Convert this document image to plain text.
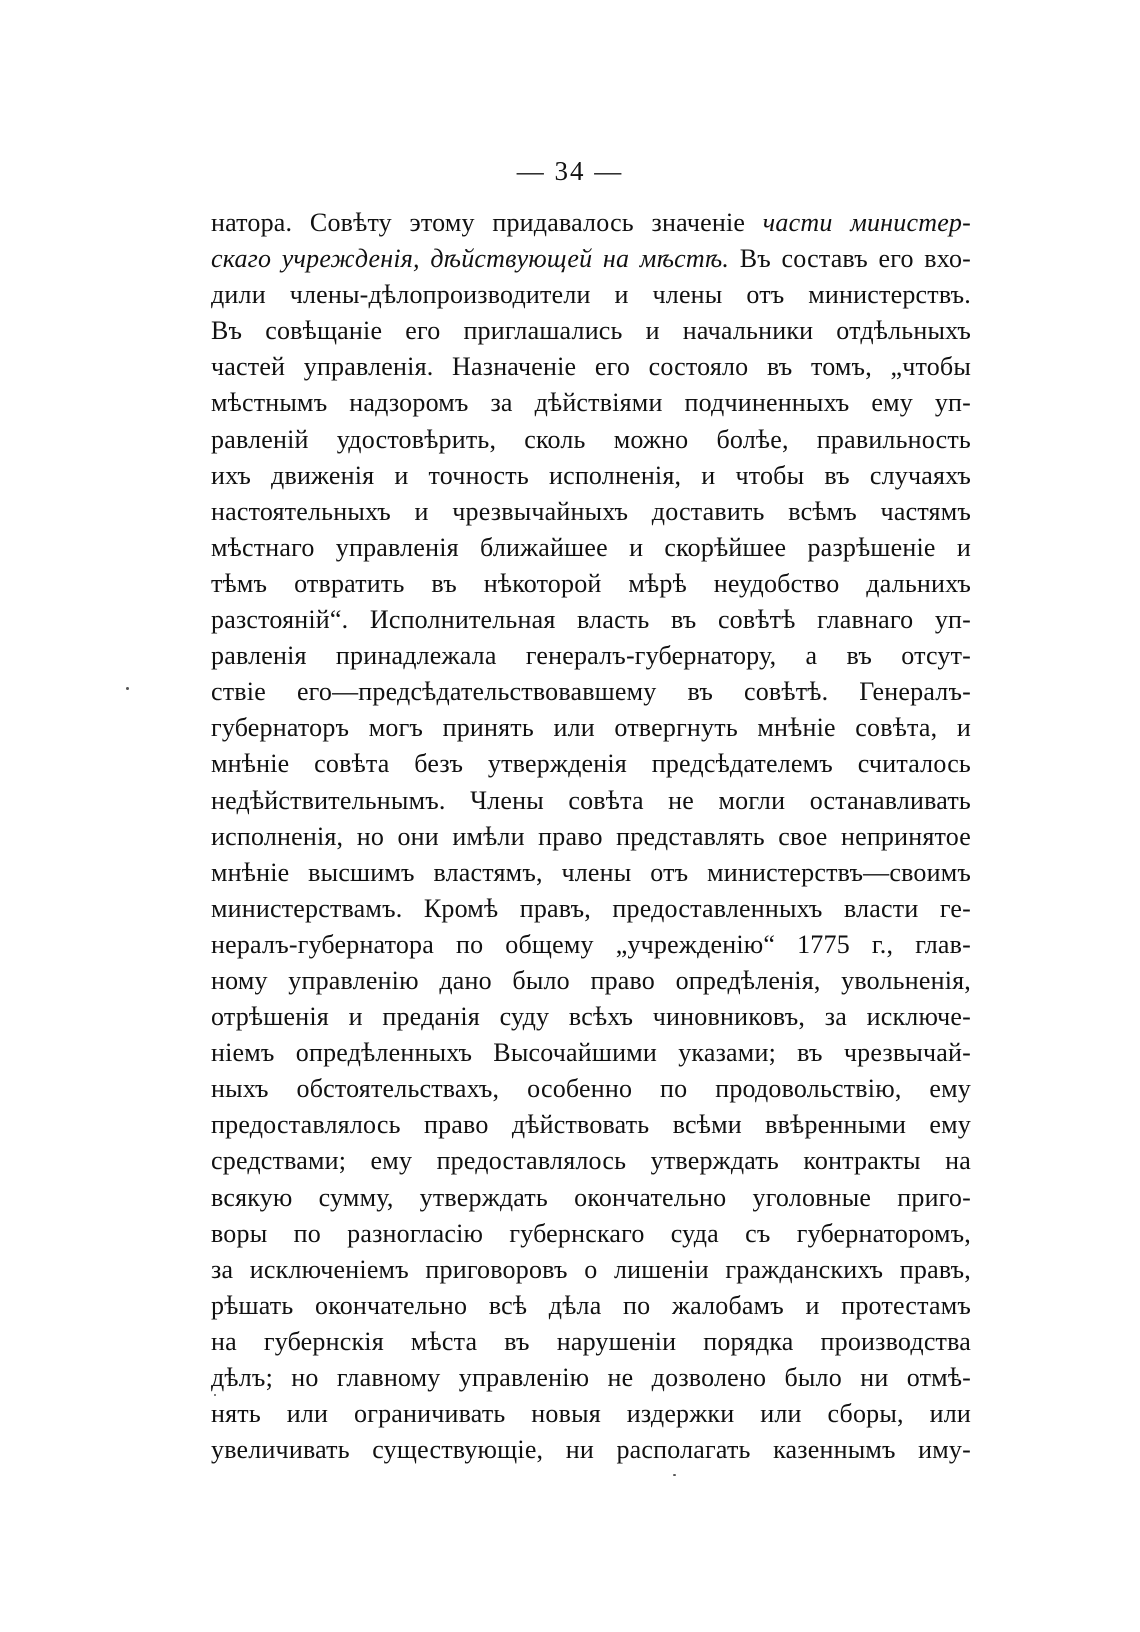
— 34 —
натора. Совѣту этому придавалось значеніе части министер-
скаго учрежденія, дѣйствующей на мѣстѣ. Въ составъ его вхо-
дили члены-дѣлопроизводители и члены отъ министерствъ.
Въ совѣщаніе его приглашались и начальники отдѣльныхъ
частей управленія. Назначеніе его состояло въ томъ, „чтобы
мѣстнымъ надзоромъ за дѣйствіями подчиненныхъ ему уп-
равленій удостовѣрить, сколь можно болѣе, правильность
ихъ движенія и точность исполненія, и чтобы въ случаяхъ
настоятельныхъ и чрезвычайныхъ доставить всѣмъ частямъ
мѣстнаго управленія ближайшее и скорѣйшее разрѣшеніе и
тѣмъ отвратить въ нѣкоторой мѣрѣ неудобство дальнихъ
разстояній“. Исполнительная власть въ совѣтѣ главнаго уп-
равленія принадлежала генералъ-губернатору, а въ отсут-
ствіе его—предсѣдательствовавшему въ совѣтѣ. Генералъ-
губернаторъ могъ принять или отвергнуть мнѣніе совѣта, и
мнѣніе совѣта безъ утвержденія предсѣдателемъ считалось
недѣйствительнымъ. Члены совѣта не могли останавливать
исполненія, но они имѣли право представлять свое непринятое
мнѣніе высшимъ властямъ, члены отъ министерствъ—своимъ
министерствамъ. Кромѣ правъ, предоставленныхъ власти ге-
нералъ-губернатора по общему „учрежденію“ 1775 г., глав-
ному управленію дано было право опредѣленія, увольненія,
отрѣшенія и преданія суду всѣхъ чиновниковъ, за исключе-
ніемъ опредѣленныхъ Высочайшими указами; въ чрезвычай-
ныхъ обстоятельствахъ, особенно по продовольствію, ему
предоставлялось право дѣйствовать всѣми ввѣренными ему
средствами; ему предоставлялось утверждать контракты на
всякую сумму, утверждать окончательно уголовные приго-
воры по разногласію губернскаго суда съ губернаторомъ,
за исключеніемъ приговоровъ о лишеніи гражданскихъ правъ,
рѣшать окончательно всѣ дѣла по жалобамъ и протестамъ
на губернскія мѣста въ нарушеніи порядка производства
дѣлъ; но главному управленію не дозволено было ни отмѣ-
нять или ограничивать новыя издержки или сборы, или
увеличивать существующіе, ни располагать казеннымъ иму-
